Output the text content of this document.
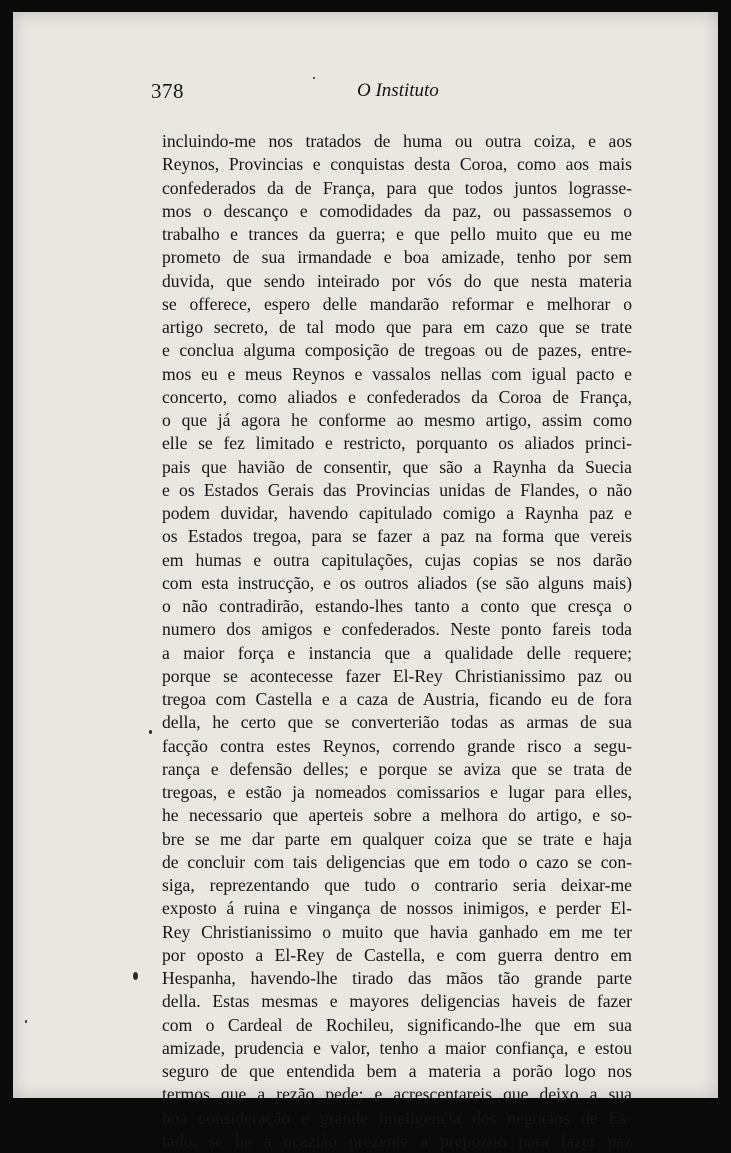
378	O Instituto
incluindo-me nos tratados de huma ou outra coiza, e aos
Reynos, Provincias e conquistas desta Coroa, como aos mais
confederados da de França, para que todos juntos lograsse-
mos o descanço e comodidades da paz, ou passassemos o
trabalho e trances da guerra; e que pello muito que eu me
prometo de sua irmandade e boa amizade, tenho por sem
duvida, que sendo inteirado por vós do que nesta materia
se offerece, espero delle mandarão reformar e melhorar o
artigo secreto, de tal modo que para em cazo que se trate
e conclua alguma composição de tregoas ou de pazes, entre-
mos eu e meus Reynos e vassalos nellas com igual pacto e
concerto, como aliados e confederados da Coroa de França,
o que já agora he conforme ao mesmo artigo, assim como
elle se fez limitado e restricto, porquanto os aliados princi-
pais que havião de consentir, que são a Raynha da Suecia
e os Estados Gerais das Provincias unidas de Flandes, o não
podem duvidar, havendo capitulado comigo a Raynha paz e
os Estados tregoa, para se fazer a paz na forma que vereis
em humas e outra capitulações, cujas copias se nos darão
com esta instrucção, e os outros aliados (se são alguns mais)
o não contradirão, estando-lhes tanto a conto que cresça o
numero dos amigos e confederados. Neste ponto fareis toda
a maior força e instancia que a qualidade delle requere;
porque se acontecesse fazer El-Rey Christianissimo paz ou
tregoa com Castella e a caza de Austria, ficando eu de fora
della, he certo que se converterião todas as armas de sua
facção contra estes Reynos, correndo grande risco a segu-
rança e defensão delles; e porque se aviza que se trata de
tregoas, e estão ja nomeados comissarios e lugar para elles,
he necessario que aperteis sobre a melhora do artigo, e so-
bre se me dar parte em qualquer coiza que se trate e haja
de concluir com tais deligencias que em todo o cazo se con-
siga, reprezentando que tudo o contrario seria deixar-me
exposto á ruina e vingança de nossos inimigos, e perder El-
Rey Christianissimo o muito que havia ganhado em me ter
por oposto a El-Rey de Castella, e com guerra dentro em
Hespanha, havendo-lhe tirado das mãos tão grande parte
della. Estas mesmas e mayores deligencias haveis de fazer
com o Cardeal de Rochileu, significando-lhe que em sua
amizade, prudencia e valor, tenho a maior confiança, e estou
seguro de que entendida bem a materia a porão logo nos
termos que a rezão pede; e acrescentareis que deixo a sua
boa consideração e grande inteligencia dos negocios de Es-
tado, se he a ocazião prezente a prepozito para fazer paz
